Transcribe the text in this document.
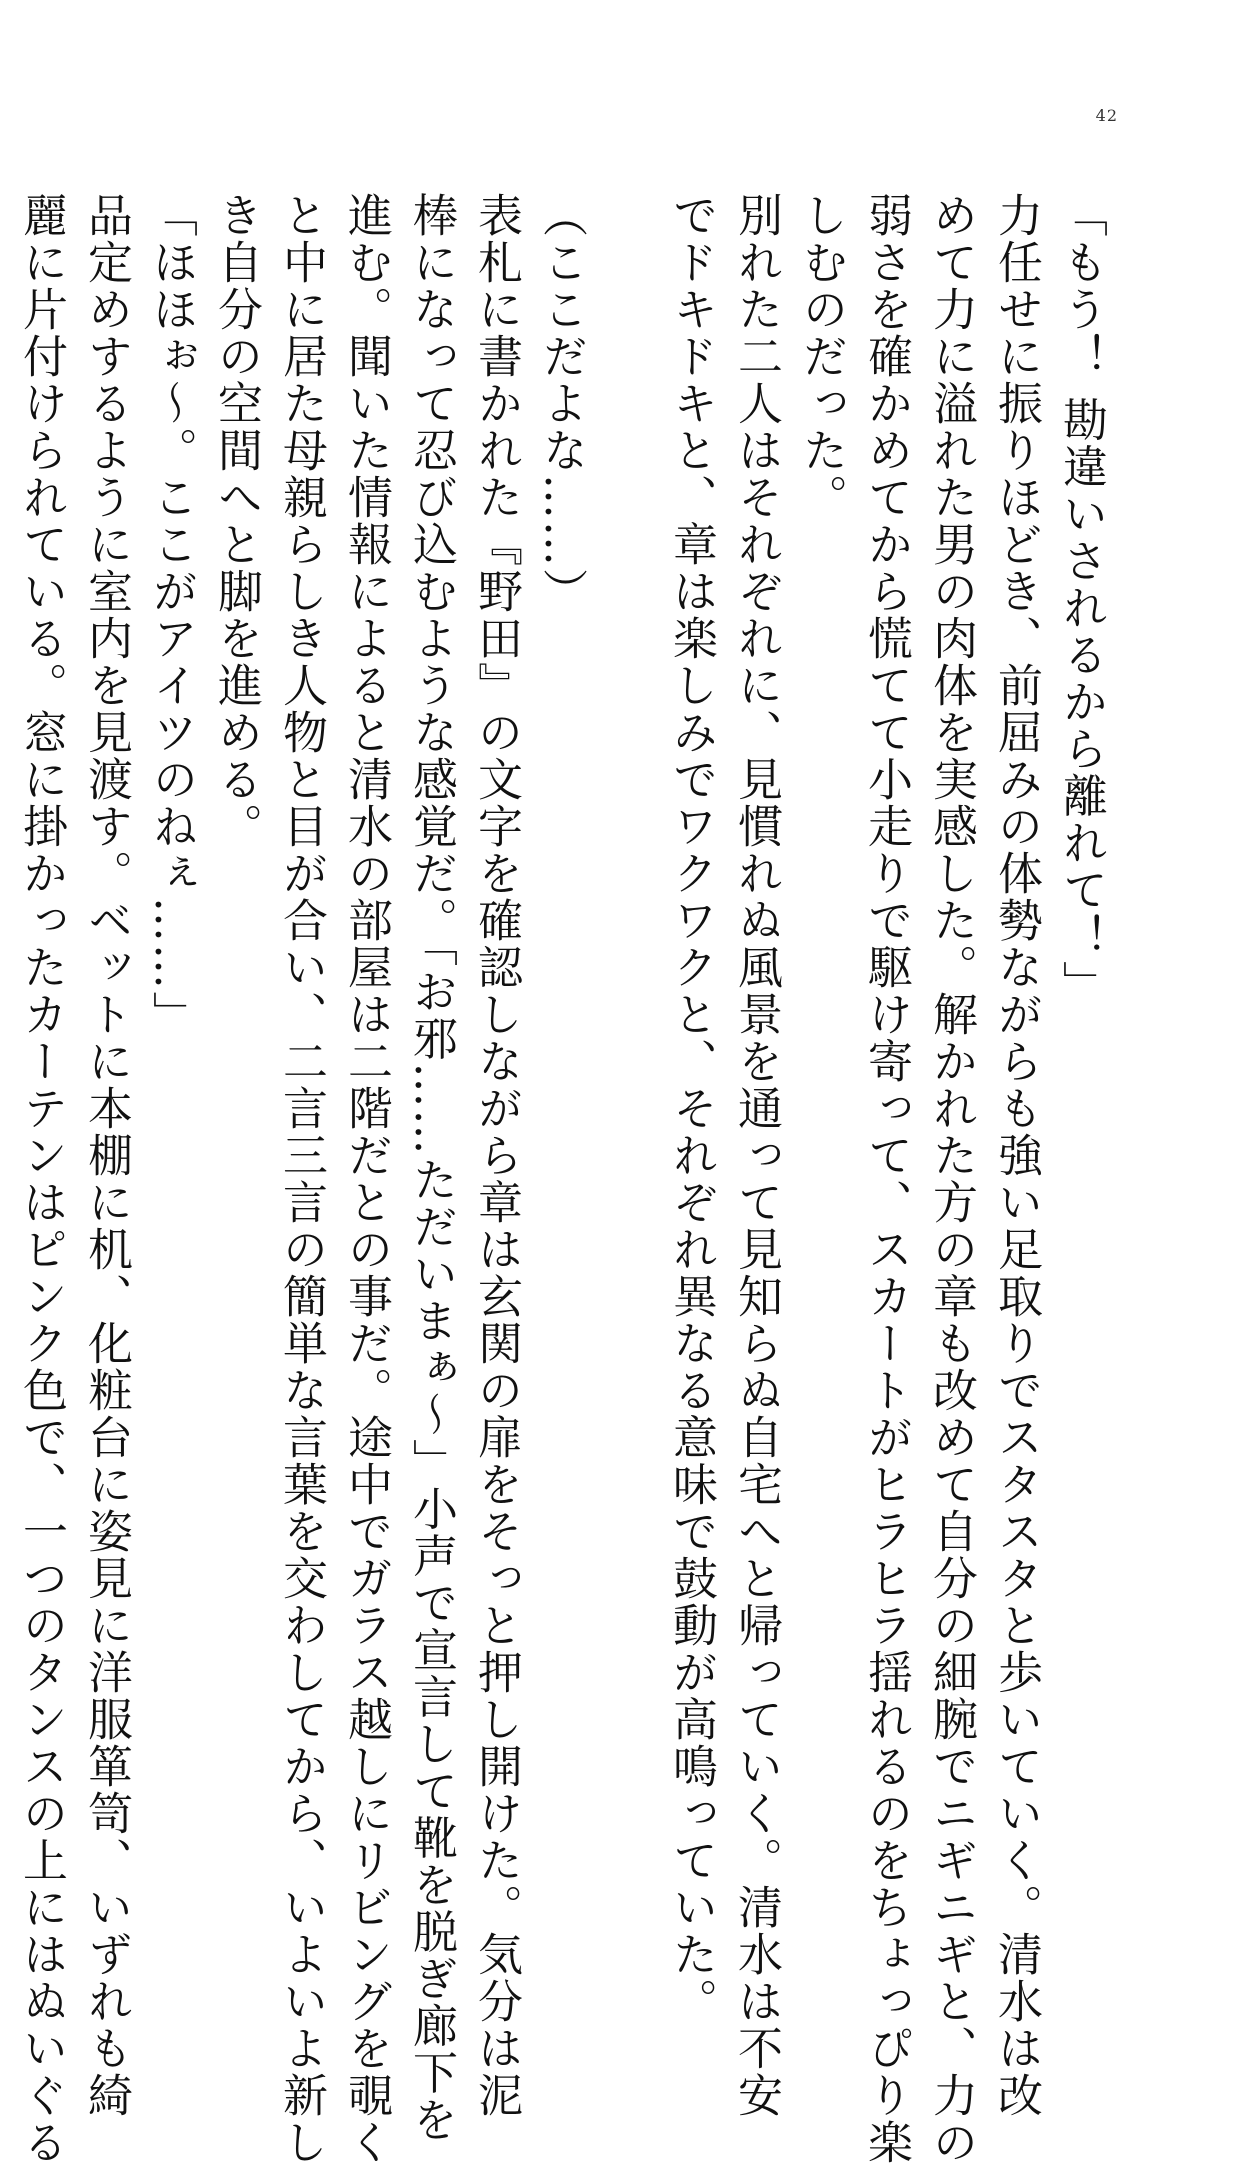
42
「もう！ 勘違いされるから離れて！」
力任せに振りほどき、前屈みの体勢ながらも強い足取りでスタスタと歩いていく。清水は改
めて力に溢れた男の肉体を実感した。解かれた方の章も改めて自分の細腕でニギニギと、力の
弱さを確かめてから慌てて小走りで駆け寄って、スカートがヒラヒラ揺れるのをちょっぴり楽
しむのだった。
別れた二人はそれぞれに、見慣れぬ風景を通って見知らぬ自宅へと帰っていく。清水は不安
でドキドキと、章は楽しみでワクワクと、それぞれ異なる意味で鼓動が高鳴っていた。

（ここだよな……）
表札に書かれた『野田』の文字を確認しながら章は玄関の扉をそっと押し開けた。気分は泥
棒になって忍び込むような感覚だ。「お邪……ただいまぁ～」小声で宣言して靴を脱ぎ廊下を
進む。聞いた情報によると清水の部屋は二階だとの事だ。途中でガラス越しにリビングを覗く
と中に居た母親らしき人物と目が合い、二言三言の簡単な言葉を交わしてから、いよいよ新し
き自分の空間へと脚を進める。
「ほほぉ～。ここがアイツのねぇ……」
品定めするように室内を見渡す。ベットに本棚に机、化粧台に姿見に洋服箪笥、いずれも綺
麗に片付けられている。窓に掛かったカーテンはピンク色で、一つのタンスの上にはぬいぐる
